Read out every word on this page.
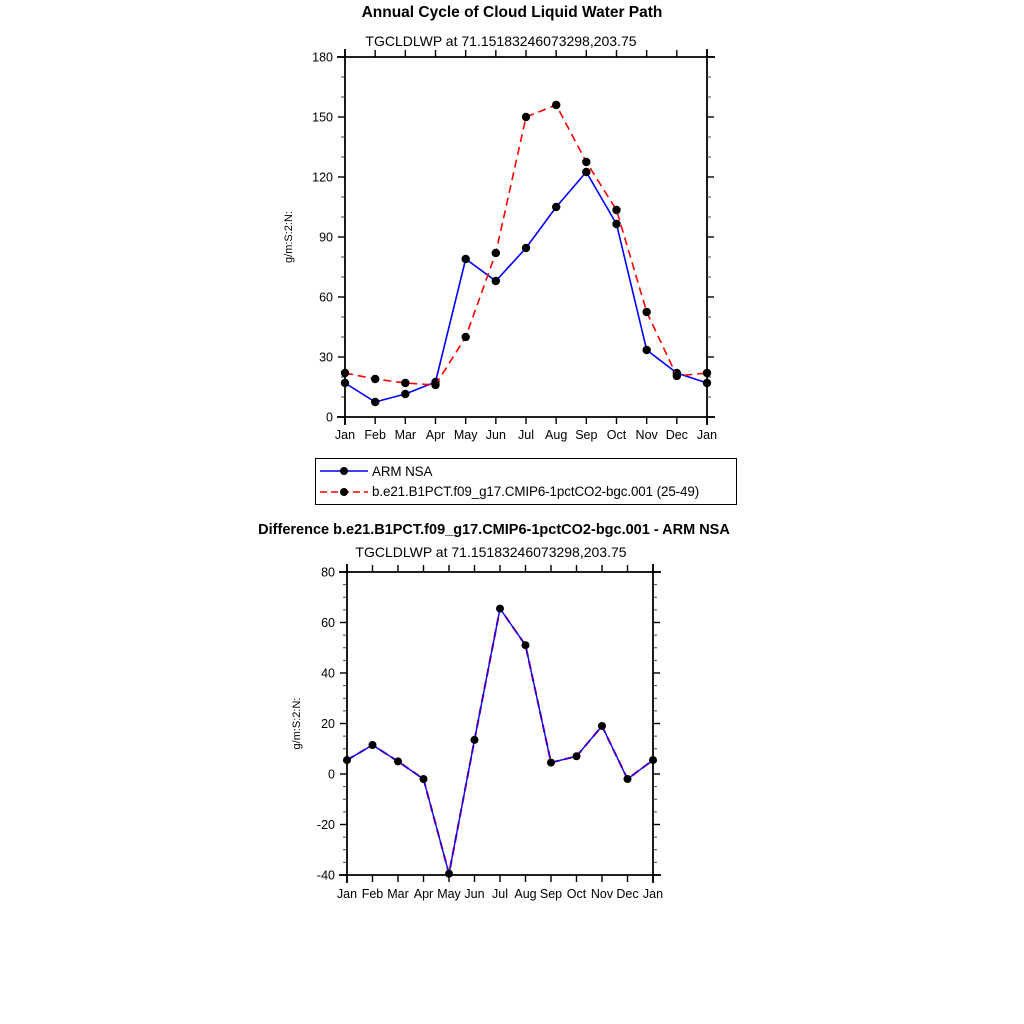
Annual Cycle of Cloud Liquid Water Path
TGCLDLWP at 71.15183246073298,203.75
Jan Feb Mar Apr May Jun Jul Aug Sep Oct Nov Dec Jan
0
30
60
90
120
150
180
g/m:S:2:N:
ARM NSA
b.e21.B1PCT.f09_g17.CMIP6-1pctCO2-bgc.001 (25-49)
Difference b.e21.B1PCT.f09_g17.CMIP6-1pctCO2-bgc.001 - ARM NSA
TGCLDLWP at 71.15183246073298,203.75
Jan Feb Mar Apr May Jun Jul Aug Sep Oct Nov Dec Jan
-40
-20
0
20
40
60
80
g/m:S:2:N:
